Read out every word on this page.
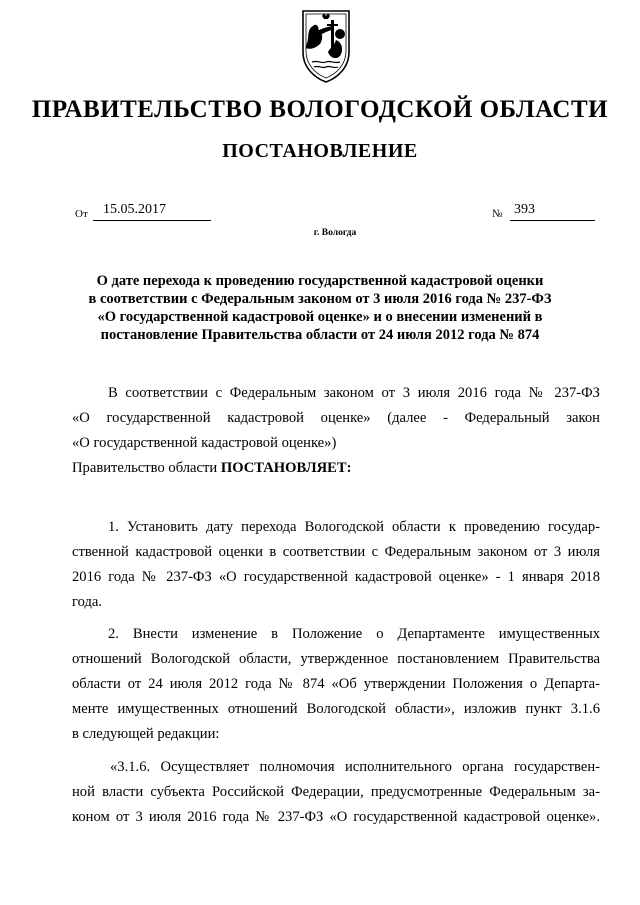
ПРАВИТЕЛЬСТВО ВОЛОГОДСКОЙ ОБЛАСТИ
ПОСТАНОВЛЕНИЕ
От	15.05.2017	№ 393
г. Вологда
О дате перехода к проведению государственной кадастровой оценки
в соответствии с Федеральным законом от 3 июля 2016 года № 237-ФЗ
«О государственной кадастровой оценке» и о внесении изменений в
постановление Правительства области от 24 июля 2012 года № 874
В соответствии с Федеральным законом от 3 июля 2016 года № 237-ФЗ
«О государственной кадастровой оценке» (далее - Федеральный закон
«О государственной кадастровой оценке»)
Правительство области ПОСТАНОВЛЯЕТ:
1. Установить дату перехода Вологодской области к проведению государ-
ственной кадастровой оценки в соответствии с Федеральным законом от 3 июля
2016 года № 237-ФЗ «О государственной кадастровой оценке» - 1 января 2018
года.
2. Внести изменение в Положение о Департаменте имущественных
отношений Вологодской области, утвержденное постановлением Правительства
области от 24 июля 2012 года № 874 «Об утверждении Положения о Департа-
менте имущественных отношений Вологодской области», изложив пункт 3.1.6
в следующей редакции:
«3.1.6. Осуществляет полномочия исполнительного органа государствен-
ной власти субъекта Российской Федерации, предусмотренные Федеральным за-
коном от 3 июля 2016 года № 237-ФЗ «О государственной кадастровой оценке».
